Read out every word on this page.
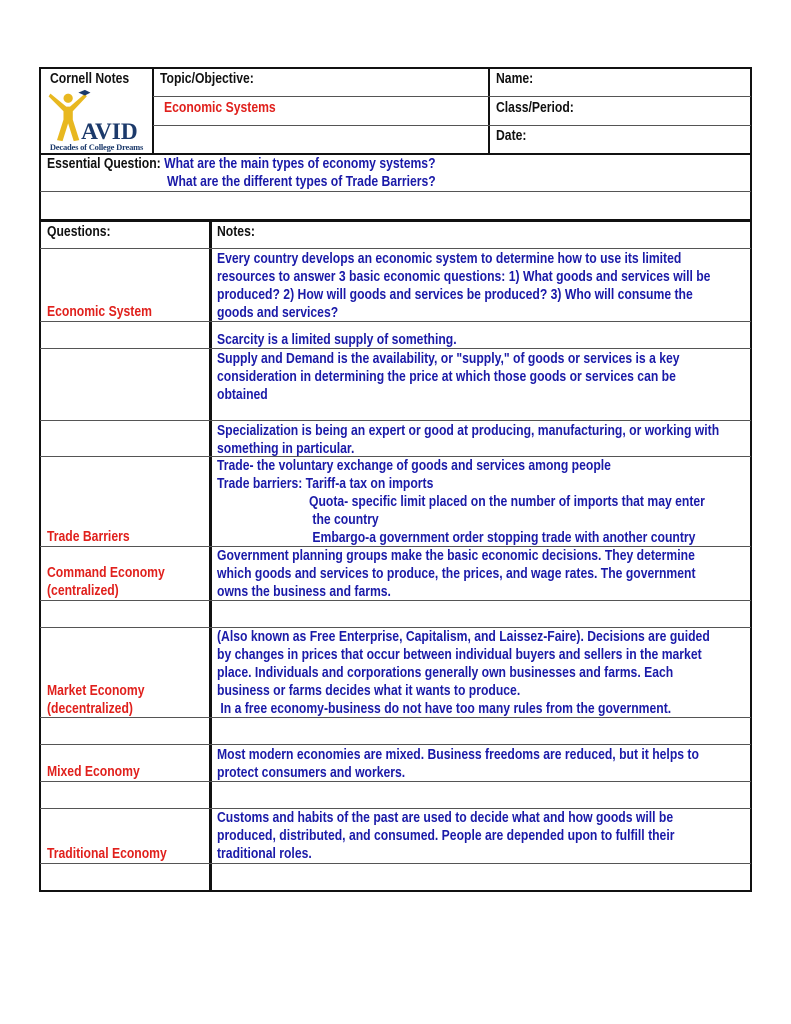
Cornell Notes
AVID
Decades of College Dreams
Topic/Objective:
Economic Systems
Name:
Class/Period:
Date:
Essential Question: What are the main types of economy systems?
What are the different types of Trade Barriers?
Questions:	Notes:
Economic System
Every country develops an economic system to determine how to use its limited
resources to answer 3 basic economic questions: 1) What goods and services will be
produced? 2) How will goods and services be produced? 3) Who will consume the
goods and services?
Scarcity is a limited supply of something.
Supply and Demand is the availability, or "supply," of goods or services is a key
consideration in determining the price at which those goods or services can be
obtained
Specialization is being an expert or good at producing, manufacturing, or working with
something in particular.
Trade Barriers
Trade- the voluntary exchange of goods and services among people
Trade barriers: Tariff-a tax on imports
Quota- specific limit placed on the number of imports that may enter
the country
Embargo-a government order stopping trade with another country
Command Economy
(centralized)
Government planning groups make the basic economic decisions. They determine
which goods and services to produce, the prices, and wage rates. The government
owns the business and farms.
Market Economy
(decentralized)
(Also known as Free Enterprise, Capitalism, and Laissez-Faire). Decisions are guided
by changes in prices that occur between individual buyers and sellers in the market
place. Individuals and corporations generally own businesses and farms. Each
business or farms decides what it wants to produce.
In a free economy-business do not have too many rules from the government.
Mixed Economy
Most modern economies are mixed. Business freedoms are reduced, but it helps to
protect consumers and workers.
Traditional Economy
Customs and habits of the past are used to decide what and how goods will be
produced, distributed, and consumed. People are depended upon to fulfill their
traditional roles.
